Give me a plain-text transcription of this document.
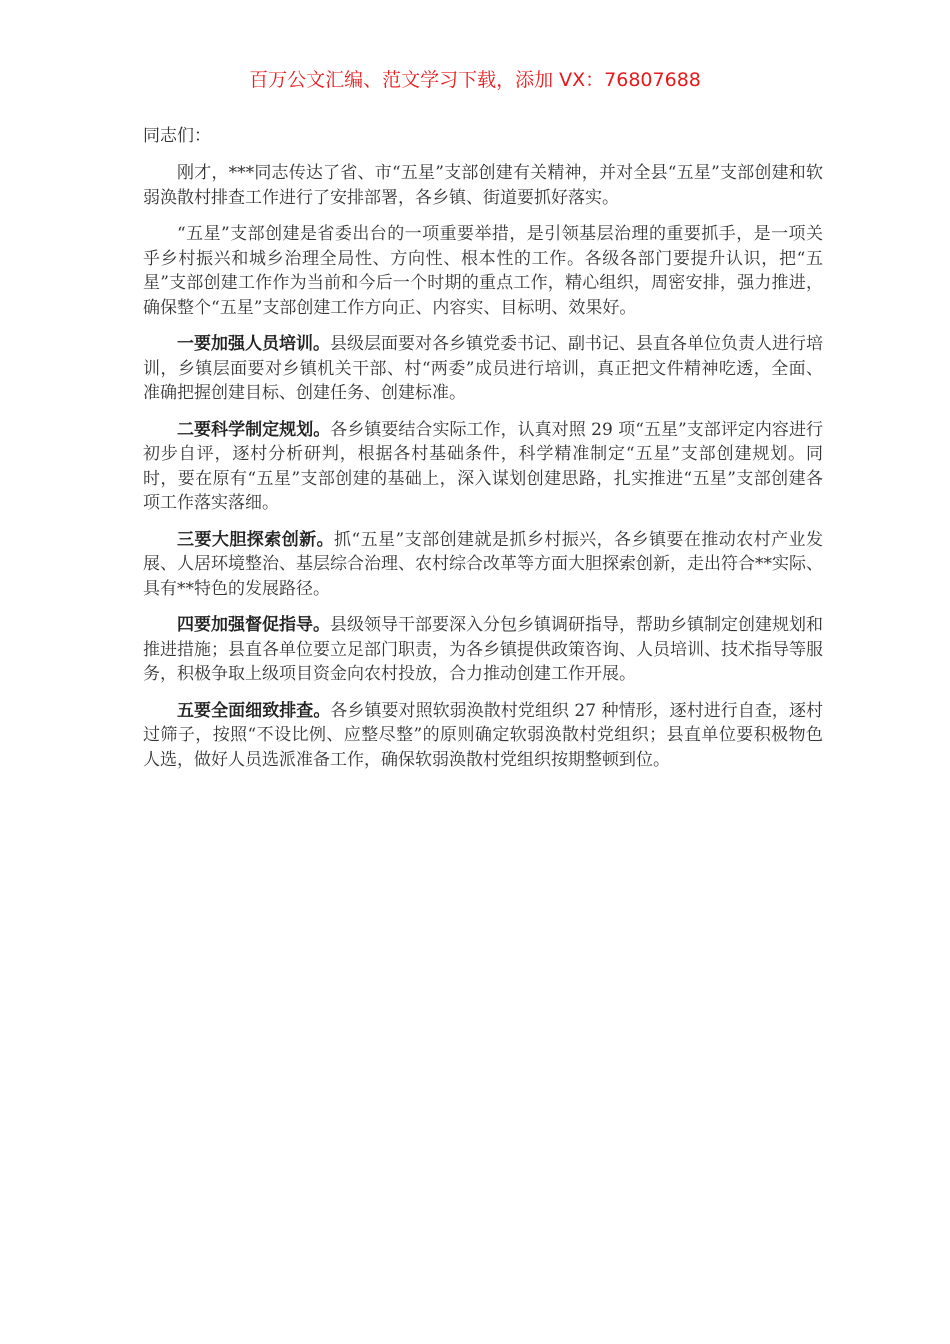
百万公文汇编、范文学习下载，添加 VX：76807688

同志们：

刚才，***同志传达了省、市“五星”支部创建有关精神，并对全县“五星”支部创建和软弱涣散村排查工作进行了安排部署，各乡镇、街道要抓好落实。

“五星”支部创建是省委出台的一项重要举措，是引领基层治理的重要抓手，是一项关乎乡村振兴和城乡治理全局性、方向性、根本性的工作。各级各部门要提升认识，把“五星”支部创建工作作为当前和今后一个时期的重点工作，精心组织，周密安排，强力推进，确保整个“五星”支部创建工作方向正、内容实、目标明、效果好。

一要加强人员培训。县级层面要对各乡镇党委书记、副书记、县直各单位负责人进行培训，乡镇层面要对乡镇机关干部、村“两委”成员进行培训，真正把文件精神吃透，全面、准确把握创建目标、创建任务、创建标准。

二要科学制定规划。各乡镇要结合实际工作，认真对照 29 项“五星”支部评定内容进行初步自评，逐村分析研判，根据各村基础条件，科学精准制定“五星”支部创建规划。同时，要在原有“五星”支部创建的基础上，深入谋划创建思路，扎实推进“五星”支部创建各项工作落实落细。

三要大胆探索创新。抓“五星”支部创建就是抓乡村振兴，各乡镇要在推动农村产业发展、人居环境整治、基层综合治理、农村综合改革等方面大胆探索创新，走出符合**实际、具有**特色的发展路径。

四要加强督促指导。县级领导干部要深入分包乡镇调研指导，帮助乡镇制定创建规划和推进措施；县直各单位要立足部门职责，为各乡镇提供政策咨询、人员培训、技术指导等服务，积极争取上级项目资金向农村投放，合力推动创建工作开展。

五要全面细致排查。各乡镇要对照软弱涣散村党组织 27 种情形，逐村进行自查，逐村过筛子，按照“不设比例、应整尽整”的原则确定软弱涣散村党组织；县直单位要积极物色人选，做好人员选派准备工作，确保软弱涣散村党组织按期整顿到位。
